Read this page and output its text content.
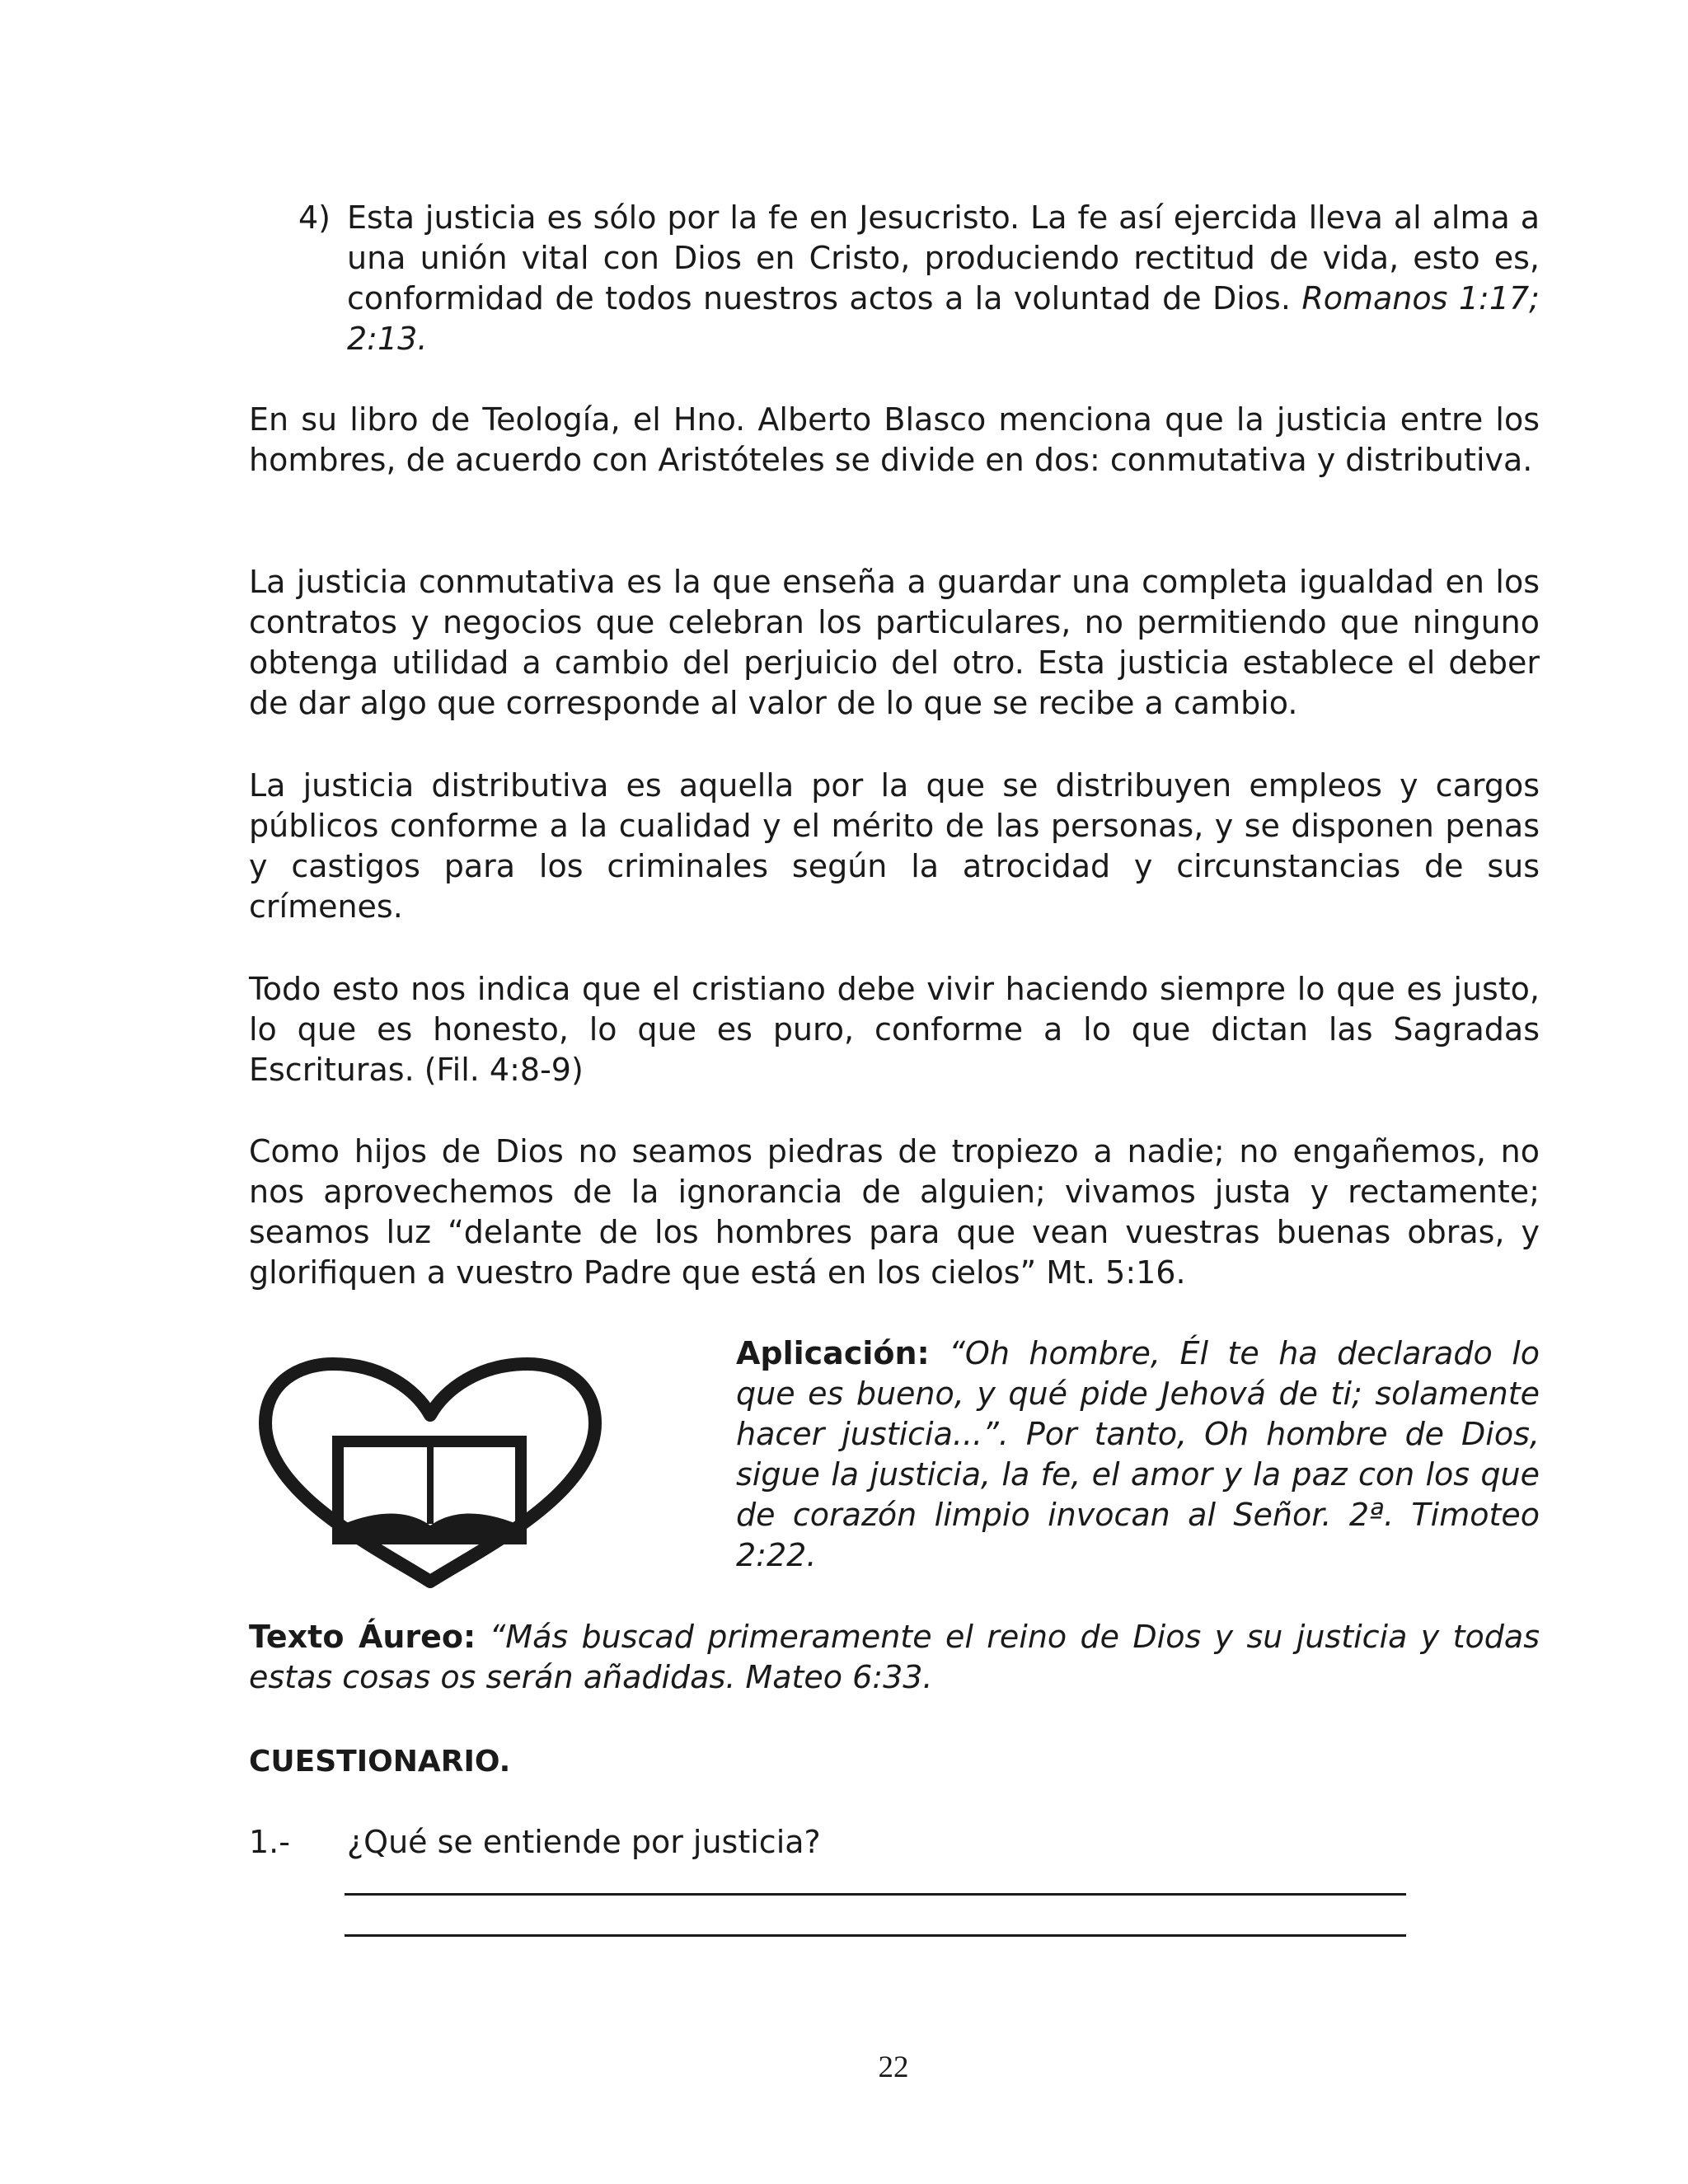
4) Esta justicia es sólo por la fe en Jesucristo. La fe así ejercida lleva al alma a una unión vital con Dios en Cristo, produciendo rectitud de vida, esto es, conformidad de todos nuestros actos a la voluntad de Dios. Romanos 1:17; 2:13.

En su libro de Teología, el Hno. Alberto Blasco menciona que la justicia entre los hombres, de acuerdo con Aristóteles se divide en dos: conmutativa y distributiva.

La justicia conmutativa es la que enseña a guardar una completa igualdad en los contratos y negocios que celebran los particulares, no permitiendo que ninguno obtenga utilidad a cambio del perjuicio del otro. Esta justicia establece el deber de dar algo que corresponde al valor de lo que se recibe a cambio.

La justicia distributiva es aquella por la que se distribuyen empleos y cargos públicos conforme a la cualidad y el mérito de las personas, y se disponen penas y castigos para los criminales según la atrocidad y circunstancias de sus crímenes.

Todo esto nos indica que el cristiano debe vivir haciendo siempre lo que es justo, lo que es honesto, lo que es puro, conforme a lo que dictan las Sagradas Escrituras. (Fil. 4:8-9)

Como hijos de Dios no seamos piedras de tropiezo a nadie; no engañemos, no nos aprovechemos de la ignorancia de alguien; vivamos justa y rectamente; seamos luz “delante de los hombres para que vean vuestras buenas obras, y glorifiquen a vuestro Padre que está en los cielos” Mt. 5:16.

Aplicación: “Oh hombre, Él te ha declarado lo que es bueno, y qué pide Jehová de ti; solamente hacer justicia...”. Por tanto, Oh hombre de Dios, sigue la justicia, la fe, el amor y la paz con los que de corazón limpio invocan al Señor. 2ª. Timoteo 2:22.

Texto Áureo: “Más buscad primeramente el reino de Dios y su justicia y todas estas cosas os serán añadidas. Mateo 6:33.

CUESTIONARIO.
1.- ¿Qué se entiende por justicia?
22
